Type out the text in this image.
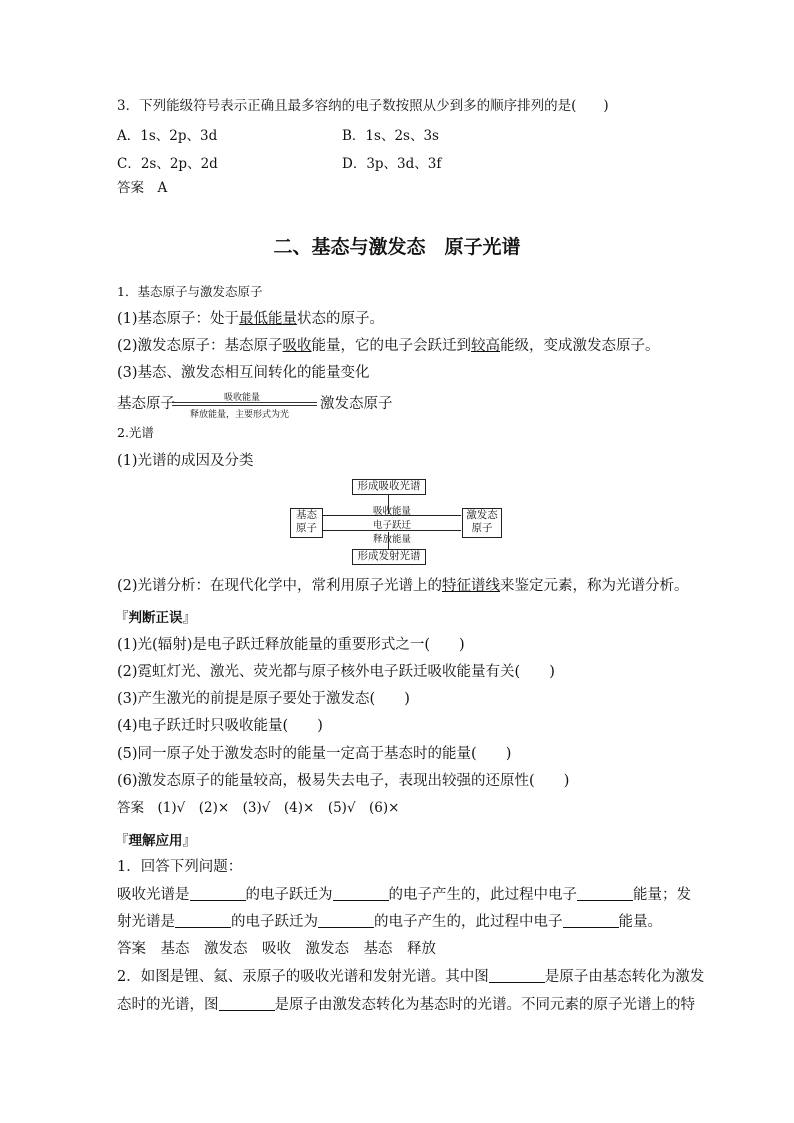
3．下列能级符号表示正确且最多容纳的电子数按照从少到多的顺序排列的是(　　)
A．1s、2p、3d	B．1s、2s、3s
C．2s、2p、2d	D．3p、3d、3f
答案　A
二、基态与激发态　原子光谱
1．基态原子与激发态原子
(1)基态原子：处于最低能量状态的原子。
(2)激发态原子：基态原子吸收能量，它的电子会跃迁到较高能级，变成激发态原子。
(3)基态、激发态相互间转化的能量变化
基态原子	吸收能量
释放能量，主要形式为光
激发态原子
2.光谱
(1)光谱的成因及分类
形成吸收光谱
形成发射光谱
基态
原子
激发态
原子
吸收能量
电子跃迁
释放能量
(2)光谱分析：在现代化学中，常利用原子光谱上的特征谱线来鉴定元素，称为光谱分析。
『判断正误』
(1)光(辐射)是电子跃迁释放能量的重要形式之一(　　)
(2)霓虹灯光、激光、荧光都与原子核外电子跃迁吸收能量有关(　　)
(3)产生激光的前提是原子要处于激发态(　　)
(4)电子跃迁时只吸收能量(　　)
(5)同一原子处于激发态时的能量一定高于基态时的能量(　　)
(6)激发态原子的能量较高，极易失去电子，表现出较强的还原性(　　)
答案　(1)√　(2)×　(3)√　(4)×　(5)√　(6)×
『理解应用』
1．回答下列问题：
吸收光谱是	的电子跃迁为	的电子产生的，此过程中电子	能量；发
射光谱是	的电子跃迁为	的电子产生的，此过程中电子	能量。
答案　基态　激发态　吸收　激发态　基态　释放
2．如图是锂、氦、汞原子的吸收光谱和发射光谱。其中图	是原子由基态转化为激发
态时的光谱，图	是原子由激发态转化为基态时的光谱。不同元素的原子光谱上的特
